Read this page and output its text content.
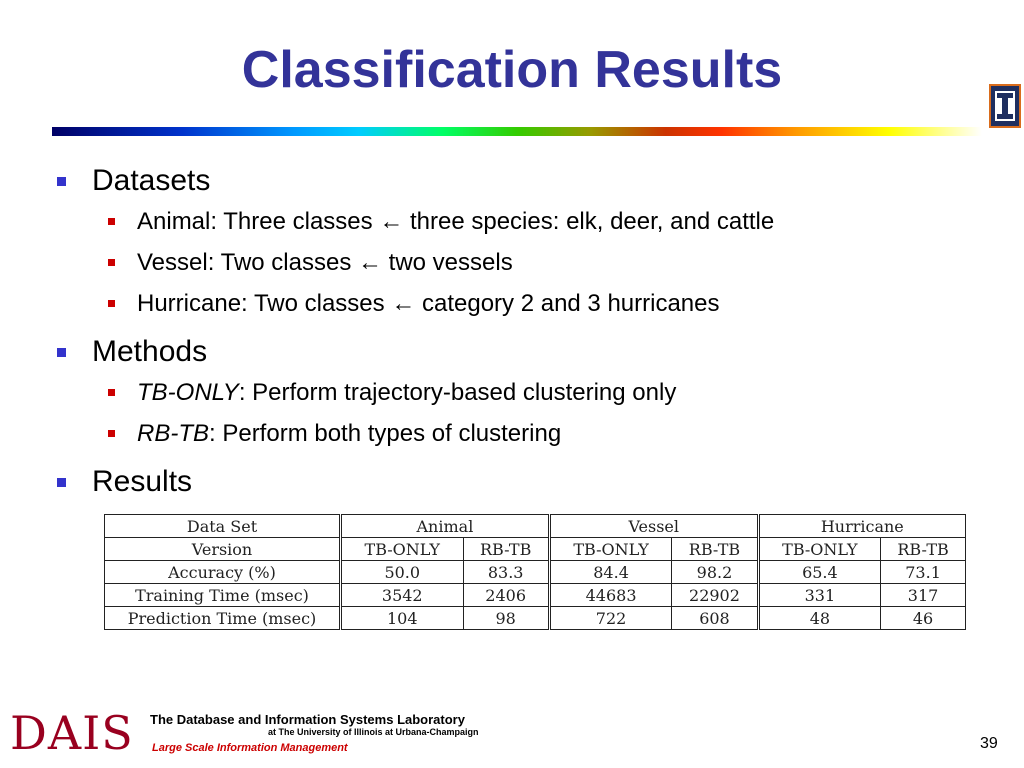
Classification Results
Datasets
Animal: Three classes ← three species: elk, deer, and cattle
Vessel: Two classes ← two vessels
Hurricane: Two classes ← category 2 and 3 hurricanes
Methods
TB-ONLY: Perform trajectory-based clustering only
RB-TB: Perform both types of clustering
Results
Data Set	Animal		Vessel		Hurricane	
Version	TB-ONLY	RB-TB	TB-ONLY	RB-TB	TB-ONLY	RB-TB
Accuracy (%)	50.0	83.3	84.4	98.2	65.4	73.1
Training Time (msec)	3542	2406	44683	22902	331	317
Prediction Time (msec)	104	98	722	608	48	46
DAIS The Database and Information Systems Laboratory
at The University of Illinois at Urbana-Champaign
Large Scale Information Management	39
